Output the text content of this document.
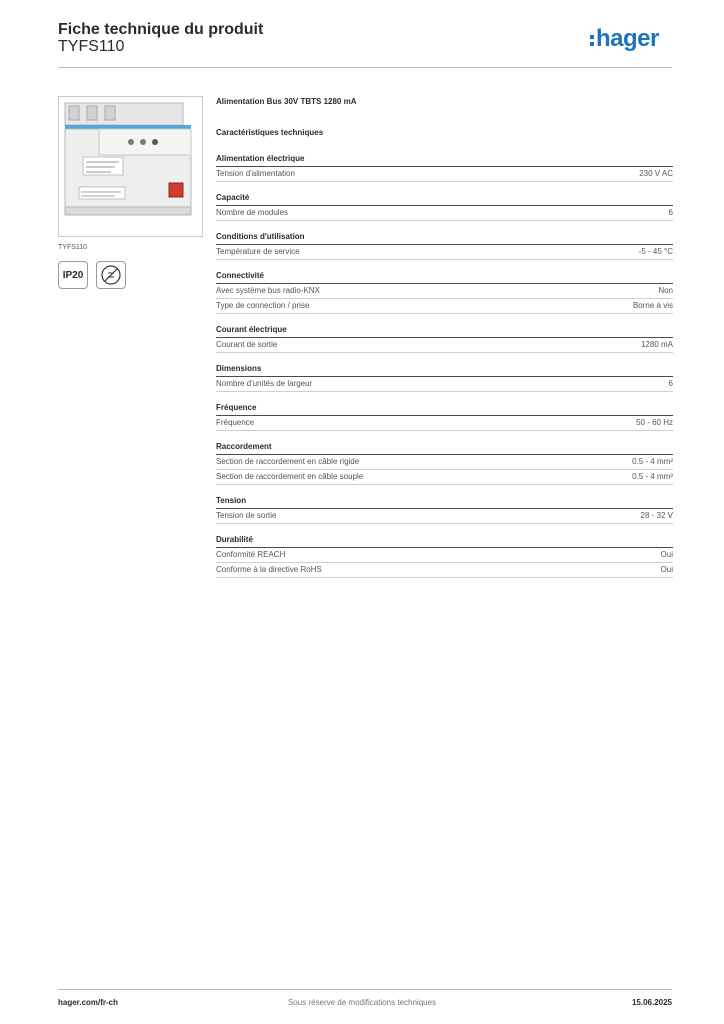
Fiche technique du produit
TYFS110	hager
TYFS110
IP20
Alimentation Bus 30V TBTS 1280 mA
Caractéristiques techniques
Alimentation électrique
Tension d'alimentation	230 V AC
Capacité
Nombre de modules	6
Conditions d'utilisation
Température de service	-5 - 45 °C
Connectivité
Avec système bus radio-KNX	Non
Type de connection / prise	Borne à vis
Courant électrique
Courant de sortie	1280 mA
Dimensions
Nombre d'unités de largeur	6
Fréquence
Fréquence	50 - 60 Hz
Raccordement
Section de raccordement en câble rigide	0.5 - 4 mm²
Section de raccordement en câble souple	0.5 - 4 mm²
Tension
Tension de sortie	28 - 32 V
Durabilité
Conformité REACH	Oui
Conforme à la directive RoHS	Oui
hager.com/fr-ch	Sous réserve de modifications techniques	15.06.2025
